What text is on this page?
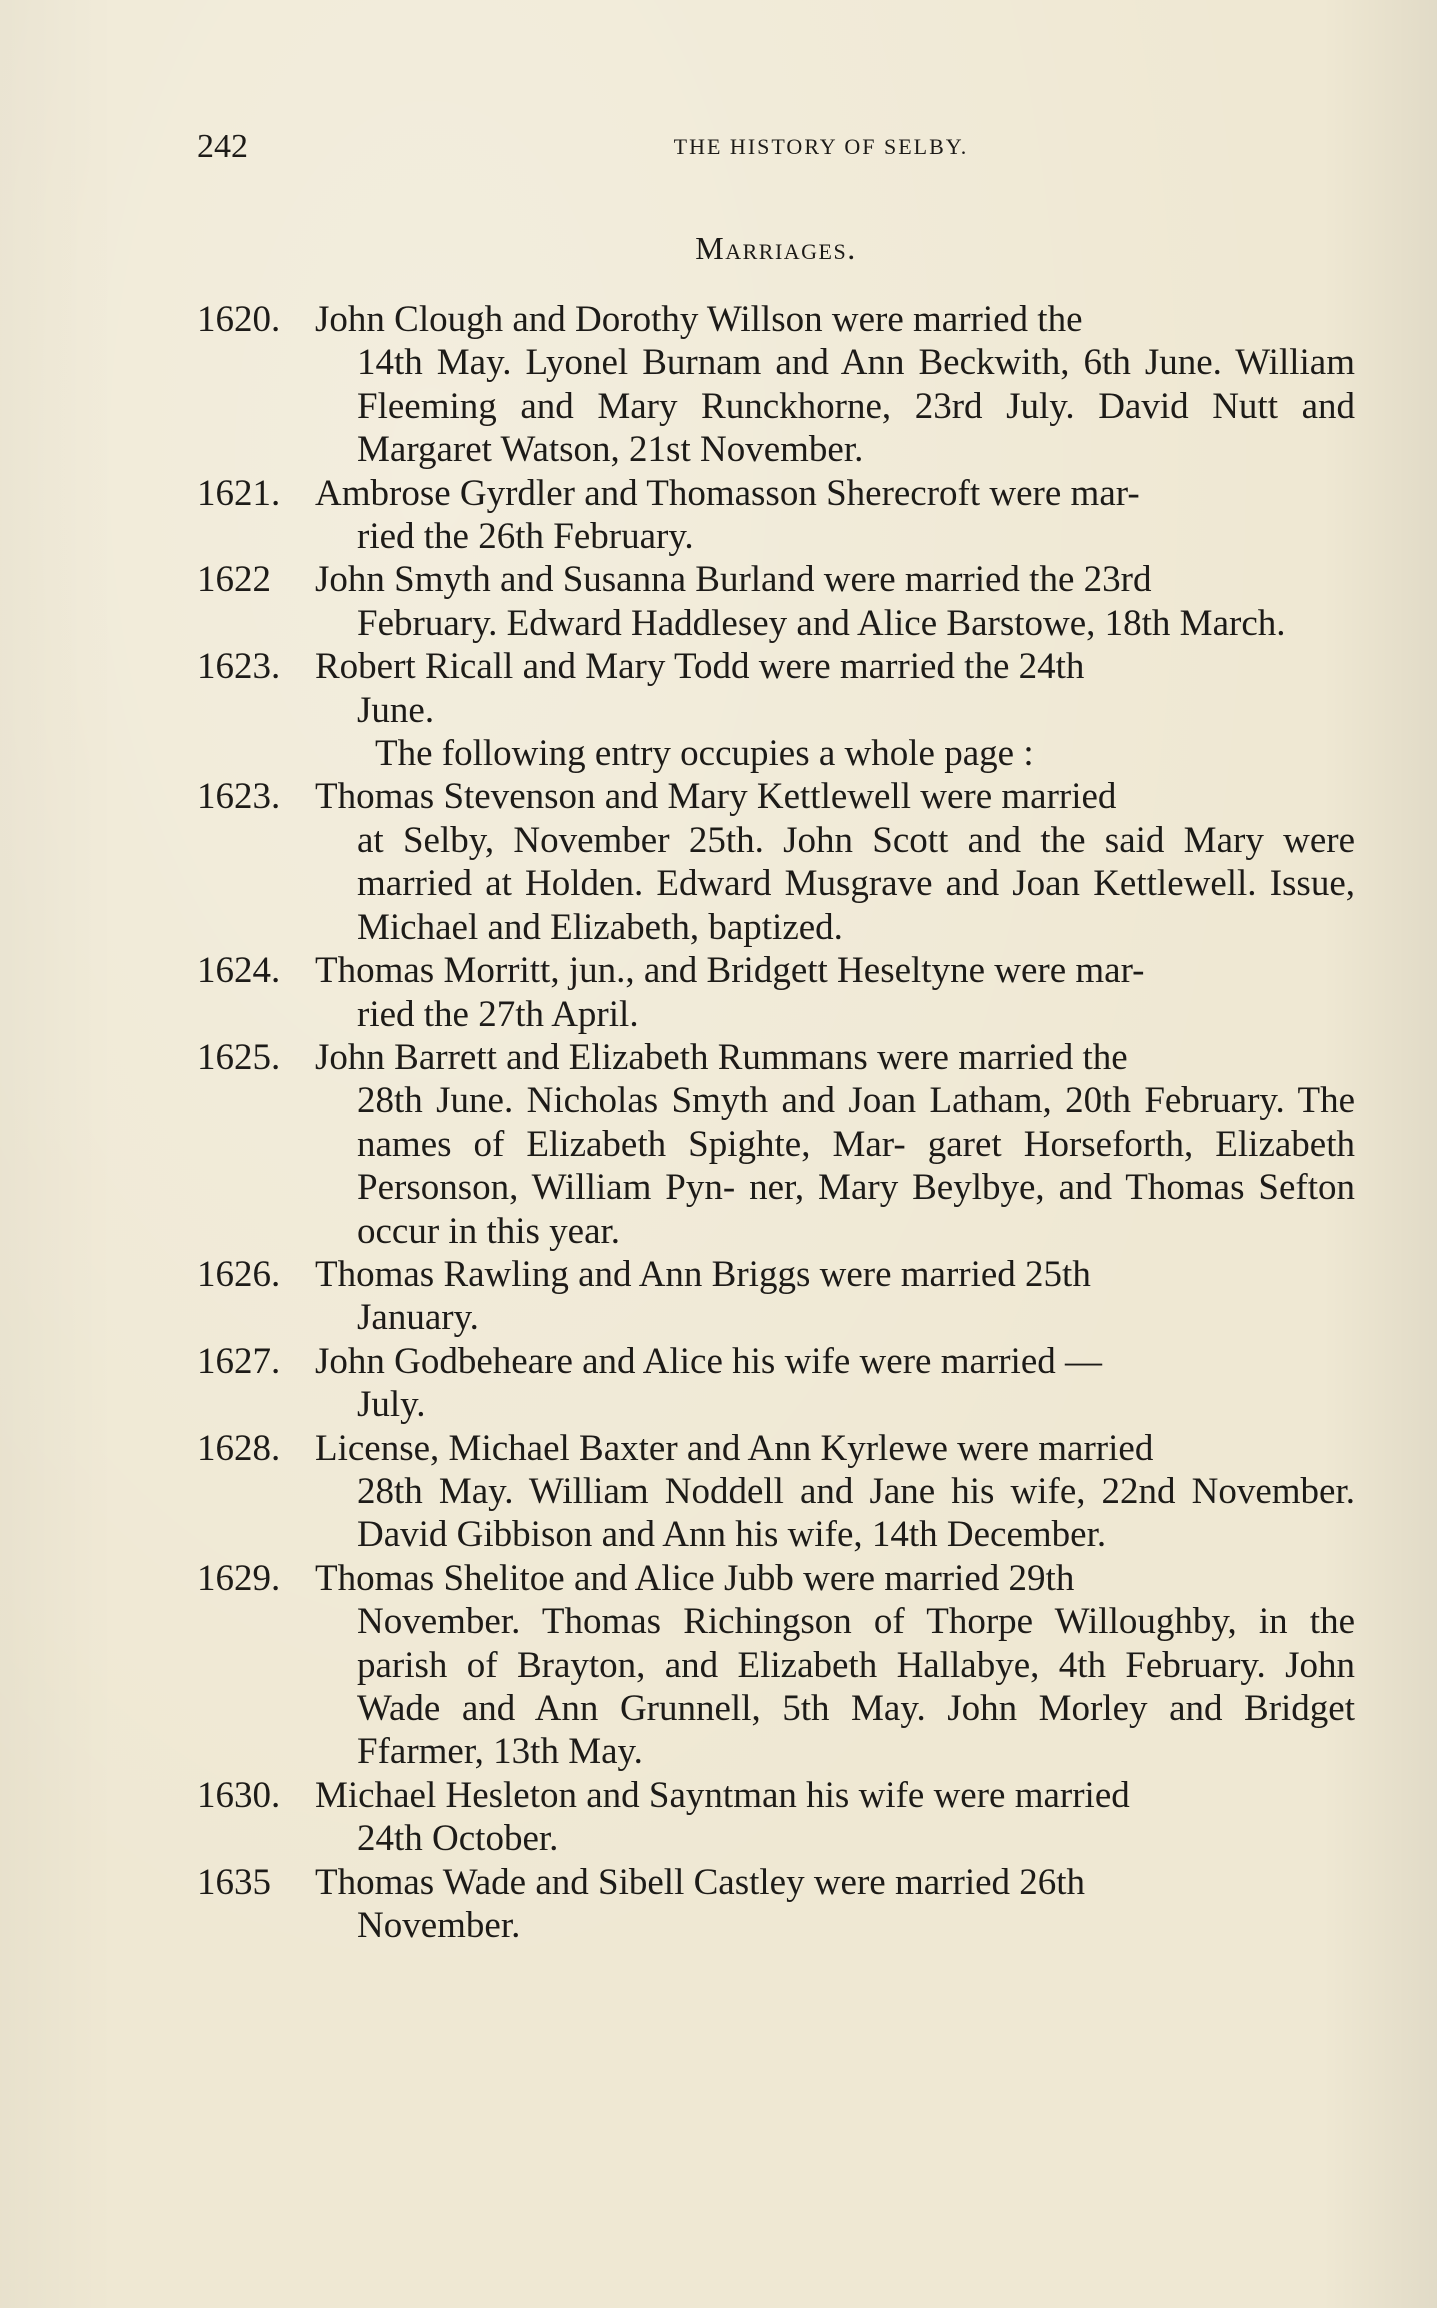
242	THE HISTORY OF SELBY.
Marriages.
1620. John Clough and Dorothy Willson were married the
14th May. Lyonel Burnam and Ann Beckwith, 6th June. William Fleeming and Mary Runckhorne, 23rd July. David Nutt and Margaret Watson, 21st November.
1621. Ambrose Gyrdler and Thomasson Sherecroft were mar-
ried the 26th February.
1622	John Smyth and Susanna Burland were married the 23rd
February. Edward Haddlesey and Alice Barstowe, 18th March.
1623. Robert Ricall and Mary Todd were married the 24th
June.
The following entry occupies a whole page :
1623. Thomas Stevenson and Mary Kettlewell were married
at Selby, November 25th. John Scott and the said Mary were married at Holden. Edward Musgrave and Joan Kettlewell. Issue, Michael and Elizabeth, baptized.
1624. Thomas Morritt, jun., and Bridgett Heseltyne were mar-
ried the 27th April.
1625. John Barrett and Elizabeth Rummans were married the
28th June. Nicholas Smyth and Joan Latham, 20th February. The names of Elizabeth Spighte, Mar- garet Horseforth, Elizabeth Personson, William Pyn- ner, Mary Beylbye, and Thomas Sefton occur in this year.
1626. Thomas Rawling and Ann Briggs were married 25th
January.
1627. John Godbeheare and Alice his wife were married —
July.
1628. License, Michael Baxter and Ann Kyrlewe were married
28th May. William Noddell and Jane his wife, 22nd November. David Gibbison and Ann his wife, 14th December.
1629. Thomas Shelitoe and Alice Jubb were married 29th
November. Thomas Richingson of Thorpe Willoughby, in the parish of Brayton, and Elizabeth Hallabye, 4th February. John Wade and Ann Grunnell, 5th May. John Morley and Bridget Ffarmer, 13th May.
1630. Michael Hesleton and Sayntman his wife were married
24th October.
1635	Thomas Wade and Sibell Castley were married 26th
November.
